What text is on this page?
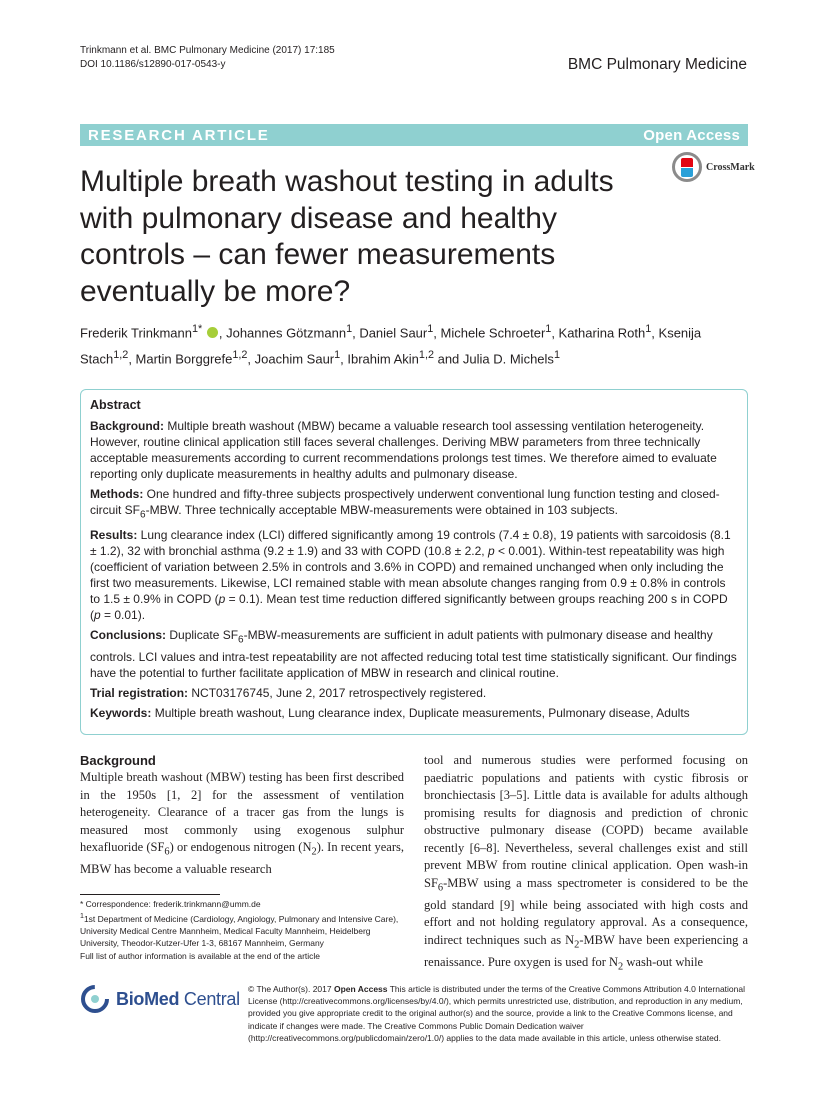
Trinkmann et al. BMC Pulmonary Medicine (2017) 17:185
DOI 10.1186/s12890-017-0543-y	BMC Pulmonary Medicine
RESEARCH ARTICLE	Open Access
Multiple breath washout testing in adults with pulmonary disease and healthy controls – can fewer measurements eventually be more?
CrossMark
Frederik Trinkmann$^{1*}$ , Johannes Götzmann$^1$, Daniel Saur$^1$, Michele Schroeter$^1$, Katharina Roth$^1$, Ksenija Stach$^{1,2}$, Martin Borggrefe$^{1,2}$, Joachim Saur$^1$, Ibrahim Akin$^{1,2}$ and Julia D. Michels$^1$
Abstract

Background: Multiple breath washout (MBW) became a valuable research tool assessing ventilation heterogeneity. However, routine clinical application still faces several challenges. Deriving MBW parameters from three technically acceptable measurements according to current recommendations prolongs test times. We therefore aimed to evaluate reporting only duplicate measurements in healthy adults and pulmonary disease.

Methods: One hundred and fifty-three subjects prospectively underwent conventional lung function testing and closed-circuit $SF_6$-MBW. Three technically acceptable MBW-measurements were obtained in 103 subjects.

Results: Lung clearance index (LCI) differed significantly among 19 controls (7.4 ± 0.8), 19 patients with sarcoidosis (8.1 ± 1.2), 32 with bronchial asthma (9.2 ± 1.9) and 33 with COPD (10.8 ± 2.2, p < 0.001). Within-test repeatability was high (coefficient of variation between 2.5% in controls and 3.6% in COPD) and remained unchanged when only including the first two measurements. Likewise, LCI remained stable with mean absolute changes ranging from 0.9 ± 0.8% in controls to 1.5 ± 0.9% in COPD (p = 0.1). Mean test time reduction differed significantly between groups reaching 200 s in COPD (p = 0.01).

Conclusions: Duplicate $SF_6-MBW$-measurements are sufficient in adult patients with pulmonary disease and healthy controls. LCI values and intra-test repeatability are not affected reducing total test time statistically significant. Our findings have the potential to further facilitate application of MBW in research and clinical routine.

Trial registration: NCT03176745, June 2, 2017 retrospectively registered.

Keywords: Multiple breath washout, Lung clearance index, Duplicate measurements, Pulmonary disease, Adults

Background

Multiple breath washout (MBW) testing has been first described in the 1950s [1, 2] for the assessment of ventilation heterogeneity. Clearance of a tracer gas from the lungs is measured most commonly using exogenous sulphur hexafluoride $(SF_6)$ or endogenous nitrogen $(N_2)$. In recent years, MBW has become a valuable research

tool and numerous studies were performed focusing on paediatric populations and patients with cystic fibrosis or bronchiectasis [3–5]. Little data is available for adults although promising results for diagnosis and prediction of chronic obstructive pulmonary disease (COPD) became available recently [6–8]. Nevertheless, several challenges exist and still prevent MBW from routine clinical application. Open wash-in $SF_6$-MBW using a mass spectrometer is considered to be the gold standard [9] while being associated with high costs and effort and not holding regulatory approval. As a consequence, indirect techniques such as $N_2$-MBW have been experiencing a renaissance. Pure oxygen is used for $N_2$ wash-out while

* Correspondence: frederik.trinkmann@umm.de
$^1$1st Department of Medicine (Cardiology, Angiology, Pulmonary and Intensive Care), University Medical Centre Mannheim, Medical Faculty Mannheim, Heidelberg University, Theodor-Kutzer-Ufer 1-3, 68167 Mannheim, Germany
Full list of author information is available at the end of the article
BioMed Central © The Author(s). 2017 Open Access This article is distributed under the terms of the Creative Commons Attribution 4.0 International License (http://creativecommons.org/licenses/by/4.0/), which permits unrestricted use, distribution, and reproduction in any medium, provided you give appropriate credit to the original author(s) and the source, provide a link to the Creative Commons license, and indicate if changes were made. The Creative Commons Public Domain Dedication waiver (http://creativecommons.org/publicdomain/zero/1.0/) applies to the data made available in this article, unless otherwise stated.
